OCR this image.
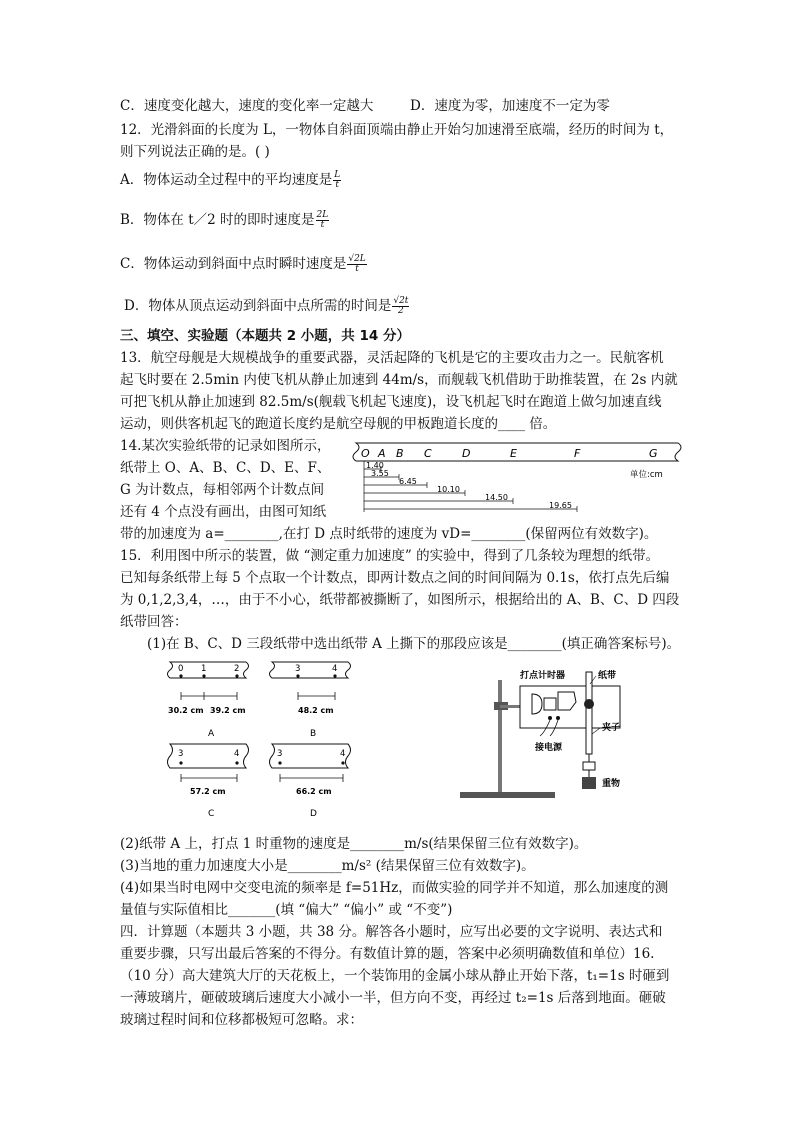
C．速度变化越大，速度的变化率一定越大	D．速度为零，加速度不一定为零
12．光滑斜面的长度为 L，一物体自斜面顶端由静止开始匀加速滑至底端，经历的时间为 t，
则下列说法正确的是。( )
A．物体运动全过程中的平均速度是 $\frac{L}{t}$
B．物体在 t／2 时的即时速度是 $\frac{2L}{t}$
C．物体运动到斜面中点时瞬时速度是 $\frac{√2L}{t}$
D．物体从顶点运动到斜面中点所需的时间是 $\frac{√2t}{2}$
三、填空、实验题（本题共 2 小题，共 14 分）
13．航空母舰是大规模战争的重要武器，灵活起降的飞机是它的主要攻击力之一。民航客机
起飞时要在 2.5min 内使飞机从静止加速到 44m/s，而舰载飞机借助于助推装置，在 2s 内就
可把飞机从静止加速到 82.5m/s(舰载飞机起飞速度)，设飞机起飞时在跑道上做匀加速直线
运动，则供客机起飞的跑道长度约是航空母舰的甲板跑道长度的____ 倍。
14.某次实验纸带的记录如图所示，
纸带上 O、A、B、C、D、E、F、
G 为计数点，每相邻两个计数点间
还有 4 个点没有画出，由图可知纸
带的加速度为 a=________,在打 D 点时纸带的速度为 vD=________(保留两位有效数字)。
O A B C	D	E	F	G
单位:cm
1.40
3.55
6.45
10.10
14.50
19.65
15．利用图中所示的装置，做 “测定重力加速度” 的实验中，得到了几条较为理想的纸带。
已知每条纸带上每 5 个点取一个计数点，即两计数点之间的时间间隔为 0.1s，依打点先后编
为 0,1,2,3,4，…，由于不小心，纸带都被撕断了，如图所示，根据给出的 A、B、C、D 四段
纸带回答：
(1)在 B、C、D 三段纸带中选出纸带 A 上撕下的那段应该是________(填正确答案标号)。
0 1	2
30.2 cm 39.2 cm
A
3	4
48.2 cm
B
3	4
57.2 cm
C
3	4
66.2 cm
D
打点计时器	纸带
夹子
接电源
重物
(2)纸带 A 上，打点 1 时重物的速度是________m/s(结果保留三位有效数字)。
(3)当地的重力加速度大小是________m/s² (结果保留三位有效数字)。
(4)如果当时电网中交变电流的频率是 f=51Hz，而做实验的同学并不知道，那么加速度的测
量值与实际值相比_______(填 “偏大” “偏小” 或 “不变”)
四．计算题（本题共 3 小题，共 38 分。解答各小题时，应写出必要的文字说明、表达式和
重要步骤，只写出最后答案的不得分。有数值计算的题，答案中必须明确数值和单位）16.
（10 分）高大建筑大厅的天花板上，一个装饰用的金属小球从静止开始下落，t₁=1s 时砸到
一薄玻璃片，砸破玻璃后速度大小减小一半，但方向不变，再经过 t₂=1s 后落到地面。砸破
玻璃过程时间和位移都极短可忽略。求：
